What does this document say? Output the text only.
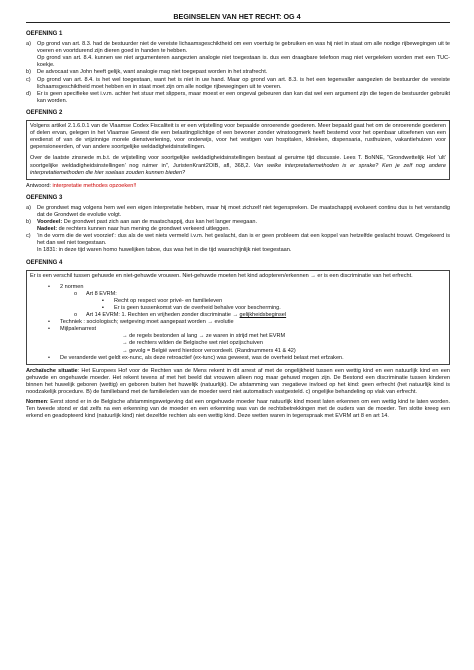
BEGINSELEN VAN HET RECHT: OG 4
OEFENING 1
a)	Op grond van art. 8.3. had de bestuurder niet de vereiste lichaamsgeschiktheid om een voertuig te gebruiken en was hij niet in staat om alle nodige rijbewegingen uit te voeren en voortdurend zijn dieren goed in handen te hebben.
Op grond van art. 8.4. kunnen we niet argumenteren aangezien analogie niet toegestaan is. dus een draagbare telefoon mag niet vergeleken worden met een TUC-koekje.
b)	De advocaat van John heeft gelijk, want analogie mag niet toegepast worden in het strafrecht.
c)	Op grond van art. 8.4. is het wel toegestaan, want het is niet in uw hand. Maar op grond van art. 8.3. is het een tegenvaller aangezien de bestuurder de vereiste lichaamsgeschiktheid moet hebben en in staat moet zijn om alle nodige rijbewegingen uit te voeren.
d)	Er is geen specifieke wet i.v.m. achter het stuur met slippers, maar moest er een ongeval gebeuren dan kan dat wel een argument zijn die tegen de bestuurder gebruikt kan worden.
OEFENING 2

Volgens artikel 2.1.6.0.1 van de Vlaamse Codex Fiscaliteit is er een vrijstelling voor bepaalde onroerende goederen. Meer bepaald gaat het om de onroerende goederen of delen ervan, gelegen in het Vlaamse Gewest die een belastingplichtige of een bewoner zonder winstoogmerk heeft bestemd voor het openbaar uitoefenen van een eredienst of van de vrijzinnige morele dienstverlening, voor onderwijs, voor het vestigen van hospitalen, klinieken, dispensaria, rusthuizen, vakantiehuizen voor gepensioneerden, of van andere soortgelijke weldadigheidsinstellingen.

Over de laatste zinsnede m.b.t. de vrijstelling voor soortgelijke weldadigheidsinstellingen bestaat al geruime tijd discussie. Lees T. BoNNE, "Grondwettelijk Hof ‘ult’ soortgelijke weldadigheidsinstellingen’ nog ruimer in", JuristenKrant2OIB, afl, 368,2. Van welke interpretatiemethoden is er sprake? Ken je zelf nog andere interpretatiemethoden die hier soelaas zouden kunnen bieden?

Antwoord: interpretatie methodes opzoeken!!
OEFENING 3
a)	De grondwet mag volgens hem wel een eigen interpretatie hebben, maar hij moet zichzelf niet tegenspreken. De maatschappij evolueert continu dus is het verstandig dat de Grondwet de evolutie volgt.
b)	Voordeel: De grondwet past zich aan aan de maatschappij, dus kan het langer meegaan.
Nadeel: de rechters kunnen naar hun mening de grondwet verkeerd uitleggen.
c)	‘in de vorm die de wet voorziet’: dus als de wet niets vermeld i.v.m. het geslacht, dan is er geen probleem dat een koppel van hetzelfde geslacht trouwt. Omgekeerd is het dan wel niet toegestaan.
In 1831: in deze tijd waren homo huwelijken taboe, dus was het in die tijd waarschijnlijk niet toegestaan.
OEFENING 4
Er is een verschil tussen gehuwde en niet-gehuwde vrouwen. Niet-gehuwde moeten het kind adopteren/erkennen → er is een discriminatie van het erfrecht.
•	2 normen
o	Art 8 EVRM:
▪	Recht op respect voor privé- en familieleven
▪	Er is geen tussenkomst van de overheid behalve voor bescherming.
o	Art 14 EVRM: 1. Rechten en vrijheden zonder discriminatie → gelijkheidsbeginsel
•	Techniek : sociologisch; wetgeving moet aangepast worden → evolutie
•	Mijlpalenarrest
→ de regels bestonden al lang → ze waren in strijd met het EVRM
→ de rechters wilden de Belgische wet niet opzijschuiven
→ gevolg = België werd hierdoor veroordeelt. (Randnummers 41 & 42)
•	De veranderde wet geldt ex-nunc, als deze retroactief (ex-tunc) was geweest, was de overheid belast met erfzaken.
Archaïsche situatie: Het Europees Hof voor de Rechten van de Mens rekent in dit arrest af met de ongelijkheid tussen een wettig kind en een natuurlijk kind en een gehuwde en ongehuwde moeder. Het rekent tevens af met het beeld dat vrouwen alleen nog maar gehuwd mogen zijn. De Bestond een discriminatie tussen kinderen binnen het huwelijk geboren (wettig) en geboren buiten het huwelijk (natuurlijk). De afstamming van :negatieve invloed op het kind: geen erfrecht (het natuurlijk kind is noodzakelijk procedure. B) de familieband met de familieleden van de moeder werd niet automatisch vastgesteld. c) ongelijke behandeling op vlak van erfrecht.
Normen: Eerst stond er in de Belgische afstammingswetgeving dat een ongehuwde moeder haar natuurlijk kind moest laten erkennen om een wettig kind te laten worden. Ten tweede stond er dat zelfs na een erkenning van de moeder en een erkenning was van de rechtsbetrekkingen met de ouders van de moeder. Ten slotte kreeg een erkend en geadopteerd kind (natuurlijk kind) niet dezelfde rechten als een wettig kind. Deze wetten waren in tegenspraak met EVRM art 8 en art 14.
